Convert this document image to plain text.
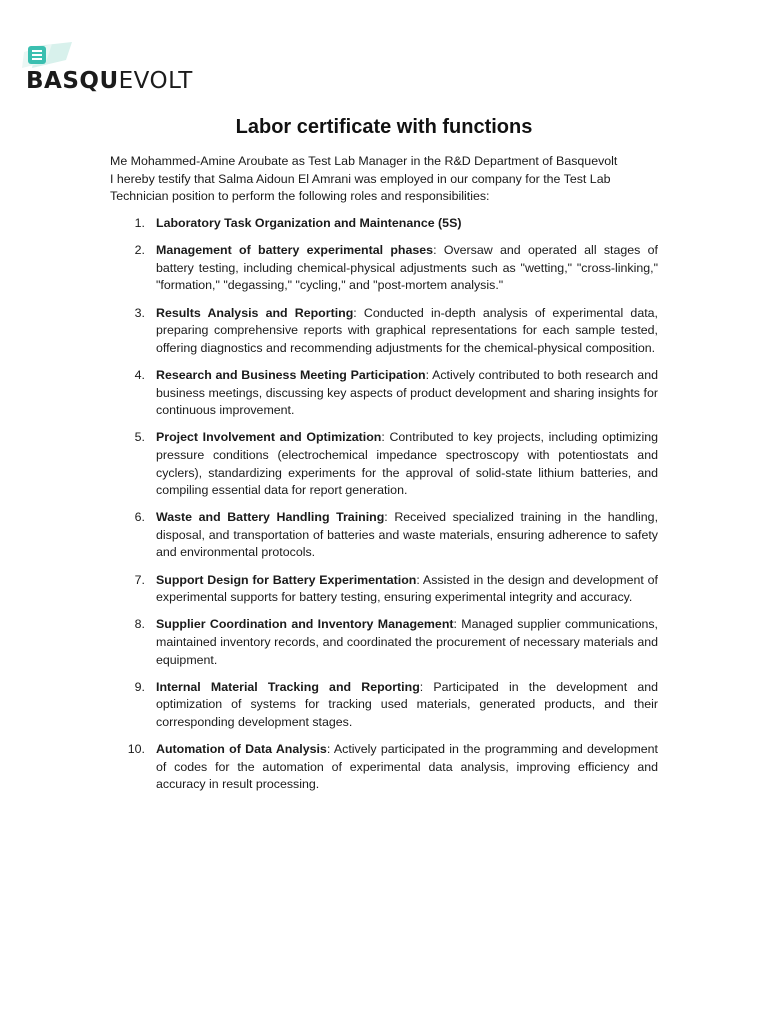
BASQUEVOLT
Labor certificate with functions

Me Mohammed-Amine Aroubate as Test Lab Manager in the R&D Department of Basquevolt

I hereby testify that Salma Aidoun El Amrani was employed in our company for the Test Lab Technician position to perform the following roles and responsibilities:

1. Laboratory Task Organization and Maintenance (5S)
2. Management of battery experimental phases: Oversaw and operated all stages of battery testing, including chemical-physical adjustments such as "wetting," "cross-linking," "formation," "degassing," "cycling," and "post-mortem analysis."
3. Results Analysis and Reporting: Conducted in-depth analysis of experimental data, preparing comprehensive reports with graphical representations for each sample tested, offering diagnostics and recommending adjustments for the chemical-physical composition.
4. Research and Business Meeting Participation: Actively contributed to both research and business meetings, discussing key aspects of product development and sharing insights for continuous improvement.
5. Project Involvement and Optimization: Contributed to key projects, including optimizing pressure conditions (electrochemical impedance spectroscopy with potentiostats and cyclers), standardizing experiments for the approval of solid-state lithium batteries, and compiling essential data for report generation.
6. Waste and Battery Handling Training: Received specialized training in the handling, disposal, and transportation of batteries and waste materials, ensuring adherence to safety and environmental protocols.
7. Support Design for Battery Experimentation: Assisted in the design and development of experimental supports for battery testing, ensuring experimental integrity and accuracy.
8. Supplier Coordination and Inventory Management: Managed supplier communications, maintained inventory records, and coordinated the procurement of necessary materials and equipment.
9. Internal Material Tracking and Reporting: Participated in the development and optimization of systems for tracking used materials, generated products, and their corresponding development stages.
10. Automation of Data Analysis: Actively participated in the programming and development of codes for the automation of experimental data analysis, improving efficiency and accuracy in result processing.
